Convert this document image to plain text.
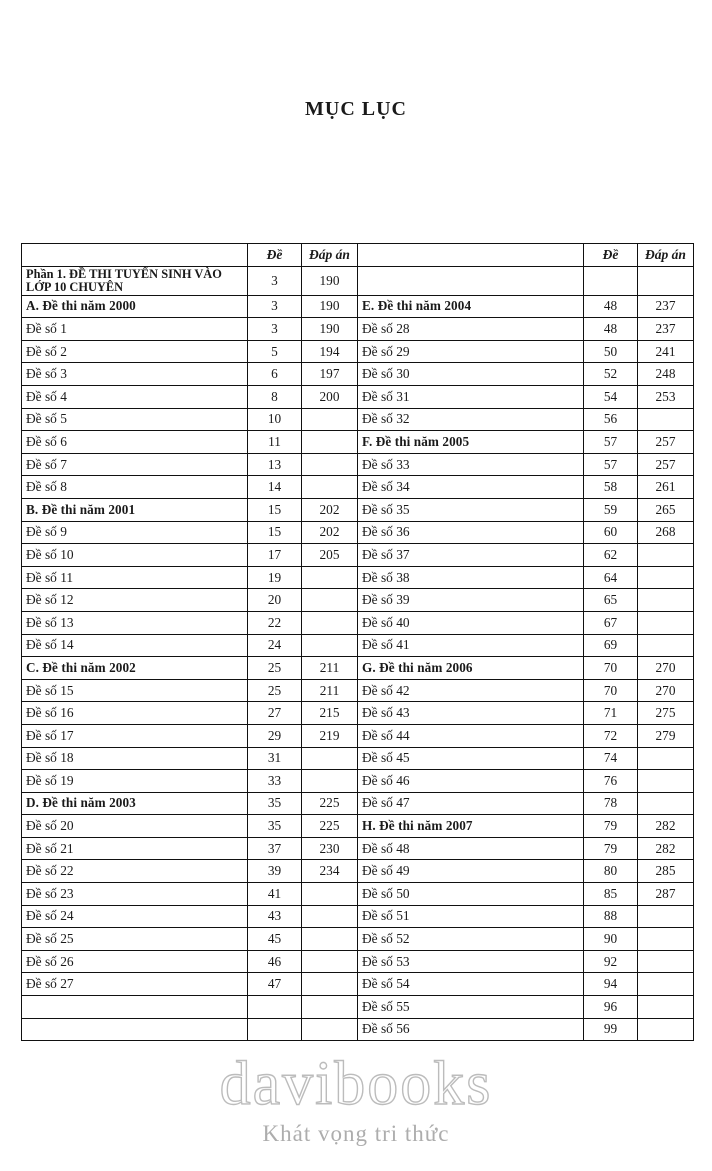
MỤC LỤC
	Đề	Đáp án		Đề	Đáp án
Phần 1. ĐỀ THI TUYỂN SINH VÀO LỚP 10 CHUYÊN	3	190			
A. Đề thi năm 2000	3	190	E. Đề thi năm 2004	48	237
Đề số 1	3	190	Đề số 28	48	237
Đề số 2	5	194	Đề số 29	50	241
Đề số 3	6	197	Đề số 30	52	248
Đề số 4	8	200	Đề số 31	54	253
Đề số 5	10		Đề số 32	56	
Đề số 6	11		F. Đề thi năm 2005	57	257
Đề số 7	13		Đề số 33	57	257
Đề số 8	14		Đề số 34	58	261
B. Đề thi năm 2001	15	202	Đề số 35	59	265
Đề số 9	15	202	Đề số 36	60	268
Đề số 10	17	205	Đề số 37	62	
Đề số 11	19		Đề số 38	64	
Đề số 12	20		Đề số 39	65	
Đề số 13	22		Đề số 40	67	
Đề số 14	24		Đề số 41	69	
C. Đề thi năm 2002	25	211	G. Đề thi năm 2006	70	270
Đề số 15	25	211	Đề số 42	70	270
Đề số 16	27	215	Đề số 43	71	275
Đề số 17	29	219	Đề số 44	72	279
Đề số 18	31		Đề số 45	74	
Đề số 19	33		Đề số 46	76	
D. Đề thi năm 2003	35	225	Đề số 47	78	
Đề số 20	35	225	H. Đề thi năm 2007	79	282
Đề số 21	37	230	Đề số 48	79	282
Đề số 22	39	234	Đề số 49	80	285
Đề số 23	41		Đề số 50	85	287
Đề số 24	43		Đề số 51	88	
Đề số 25	45		Đề số 52	90	
Đề số 26	46		Đề số 53	92	
Đề số 27	47		Đề số 54	94	
			Đề số 55	96	
			Đề số 56	99	
davibooks
Khát vọng tri thức
